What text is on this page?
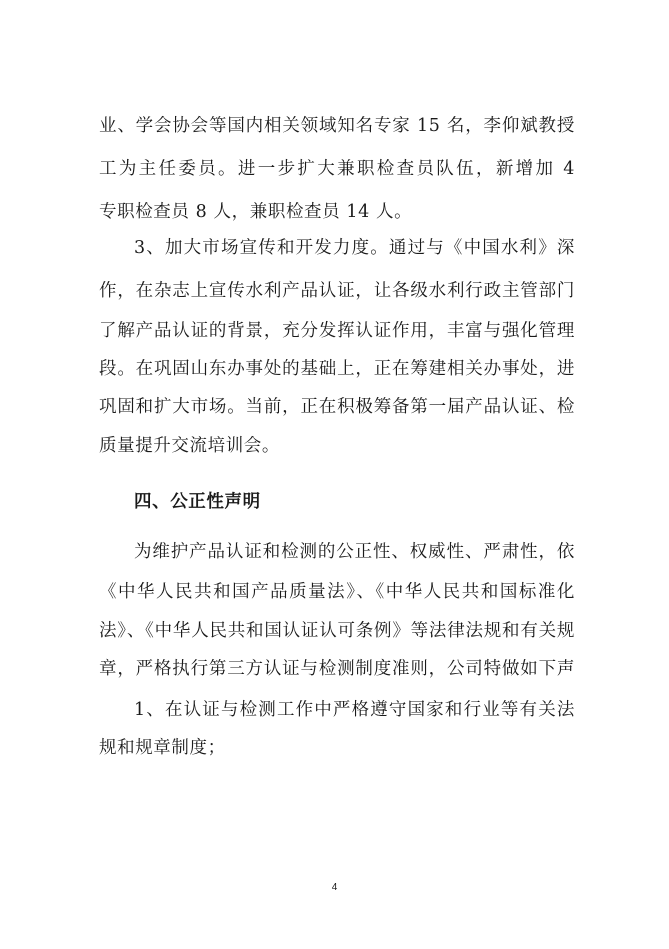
业、学会协会等国内相关领域知名专家 15 名，李仰斌教授
工为主任委员。进一步扩大兼职检查员队伍，新增加 4
专职检查员 8 人，兼职检查员 14 人。
3、加大市场宣传和开发力度。通过与《中国水利》深
作，在杂志上宣传水利产品认证，让各级水利行政主管部门
了解产品认证的背景，充分发挥认证作用，丰富与强化管理
段。在巩固山东办事处的基础上，正在筹建相关办事处，进
巩固和扩大市场。当前，正在积极筹备第一届产品认证、检
质量提升交流培训会。
四、公正性声明
为维护产品认证和检测的公正性、权威性、严肃性，依
《中华人民共和国产品质量法》、《中华人民共和国标准化
法》、《中华人民共和国认证认可条例》等法律法规和有关规
章，严格执行第三方认证与检测制度准则，公司特做如下声
1、在认证与检测工作中严格遵守国家和行业等有关法
规和规章制度；
4
